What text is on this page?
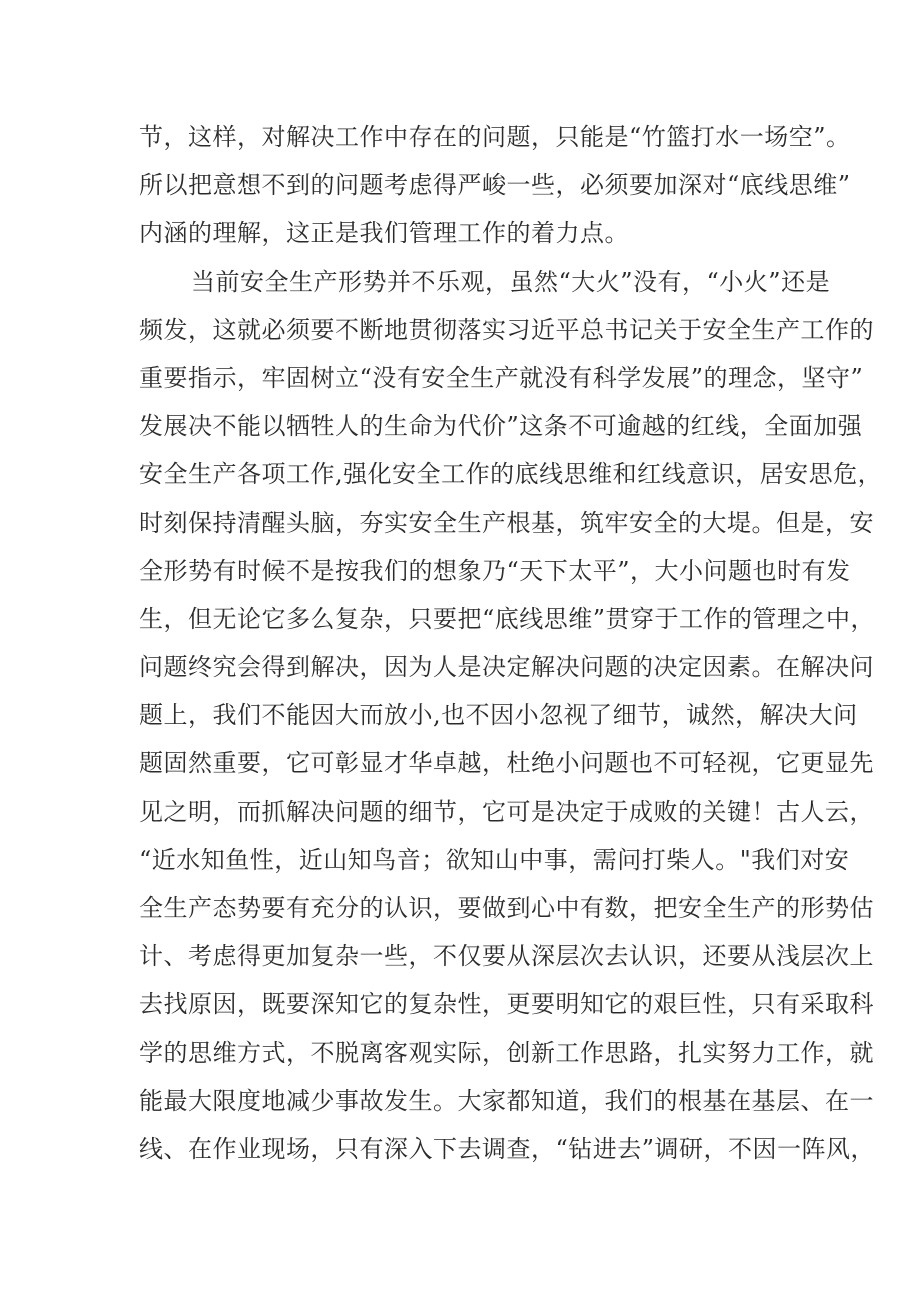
节，这样，对解决工作中存在的问题，只能是“竹篮打水一场空”。
所以把意想不到的问题考虑得严峻一些，必须要加深对“底线思维”
内涵的理解，这正是我们管理工作的着力点。
当前安全生产形势并不乐观，虽然“大火”没有，“小火”还是
频发，这就必须要不断地贯彻落实习近平总书记关于安全生产工作的
重要指示，牢固树立“没有安全生产就没有科学发展”的理念，坚守”
发展决不能以牺牲人的生命为代价”这条不可逾越的红线，全面加强
安全生产各项工作,强化安全工作的底线思维和红线意识，居安思危，
时刻保持清醒头脑，夯实安全生产根基，筑牢安全的大堤。但是，安
全形势有时候不是按我们的想象乃“天下太平”，大小问题也时有发
生，但无论它多么复杂，只要把“底线思维”贯穿于工作的管理之中，
问题终究会得到解决，因为人是决定解决问题的决定因素。在解决问
题上，我们不能因大而放小,也不因小忽视了细节，诚然，解决大问
题固然重要，它可彰显才华卓越，杜绝小问题也不可轻视，它更显先
见之明，而抓解决问题的细节，它可是决定于成败的关键！古人云，
“近水知鱼性，近山知鸟音；欲知山中事，需问打柴人。"我们对安
全生产态势要有充分的认识，要做到心中有数，把安全生产的形势估
计、考虑得更加复杂一些，不仅要从深层次去认识，还要从浅层次上
去找原因，既要深知它的复杂性，更要明知它的艰巨性，只有采取科
学的思维方式，不脱离客观实际，创新工作思路，扎实努力工作，就
能最大限度地减少事故发生。大家都知道，我们的根基在基层、在一
线、在作业现场，只有深入下去调查，“钻进去”调研，不因一阵风，
